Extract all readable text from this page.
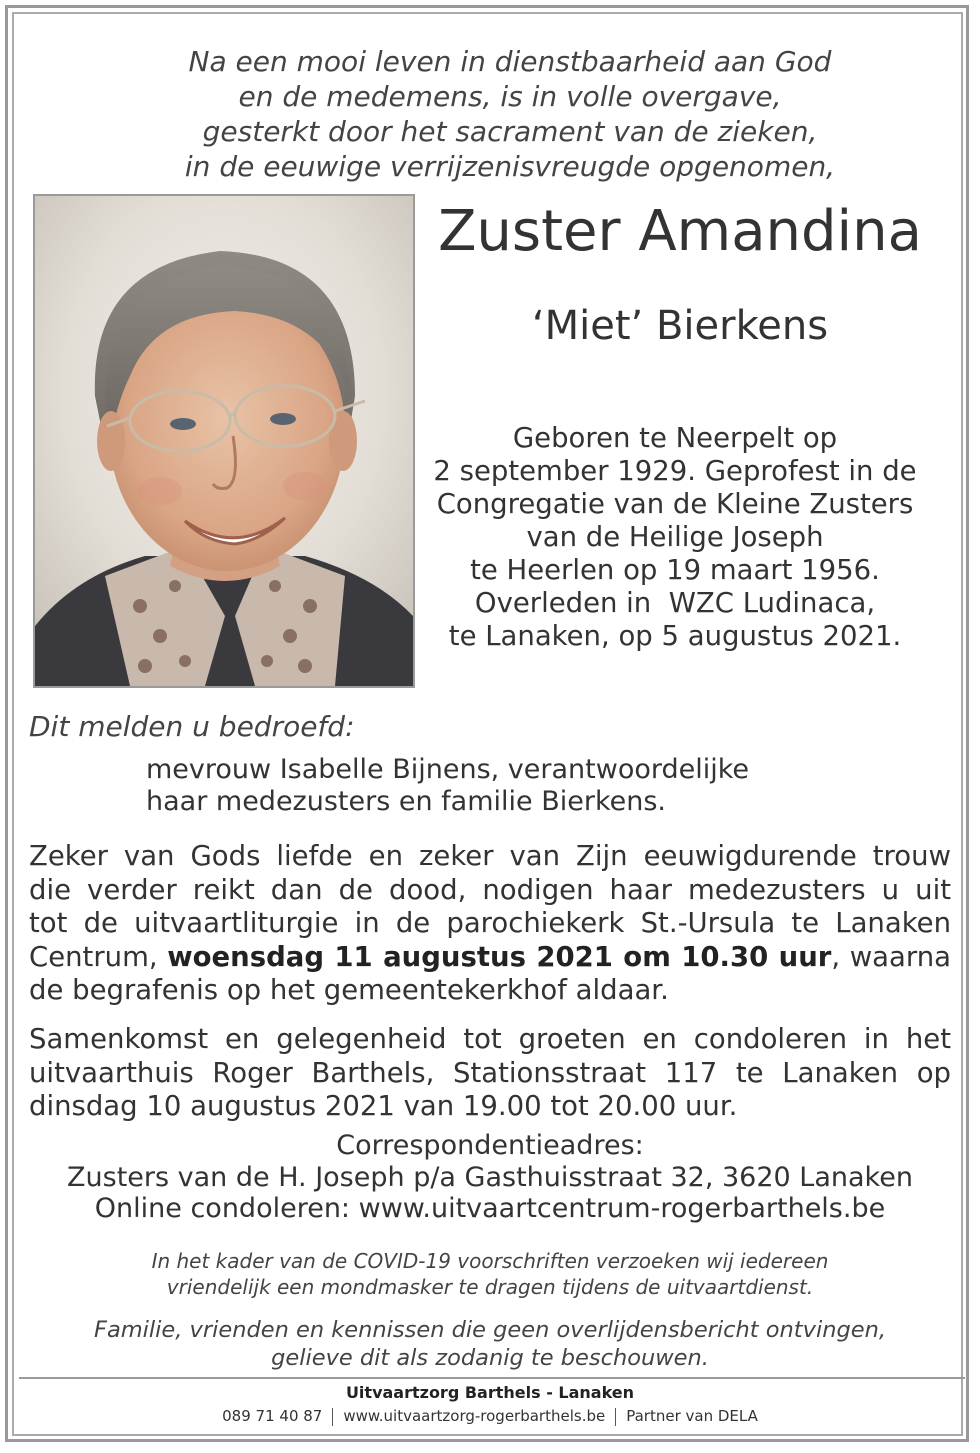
Na een mooi leven in dienstbaarheid aan God
en de medemens, is in volle overgave,
gesterkt door het sacrament van de zieken,
in de eeuwige verrijzenisvreugde opgenomen,

Zuster Amandina

‘Miet’ Bierkens

Geboren te Neerpelt op
2 september 1929. Geprofest in de
Congregatie van de Kleine Zusters
van de Heilige Joseph
te Heerlen op 19 maart 1956.
Overleden in  WZC Ludinaca,
te Lanaken, op 5 augustus 2021.

Dit melden u bedroefd:

mevrouw Isabelle Bijnens, verantwoordelijke
haar medezusters en familie Bierkens.

Zeker van Gods liefde en zeker van Zijn eeuwigdurende trouw
die verder reikt dan de dood, nodigen haar medezusters u uit
tot de uitvaartliturgie in de parochiekerk St.-Ursula te Lanaken
Centrum, woensdag 11 augustus 2021 om 10.30 uur, waarna
de begrafenis op het gemeentekerkhof aldaar.

Samenkomst en gelegenheid tot groeten en condoleren in het
uitvaarthuis Roger Barthels, Stationsstraat 117 te Lanaken op
dinsdag 10 augustus 2021 van 19.00 tot 20.00 uur.

Correspondentieadres:
Zusters van de H. Joseph p/a Gasthuisstraat 32, 3620 Lanaken
Online condoleren: www.uitvaartcentrum-rogerbarthels.be

In het kader van de COVID-19 voorschriften verzoeken wij iedereen
vriendelijk een mondmasker te dragen tijdens de uitvaartdienst.

Familie, vrienden en kennissen die geen overlijdensbericht ontvingen,
gelieve dit als zodanig te beschouwen.

Uitvaartzorg Barthels - Lanaken

089 71 40 87 www.uitvaartzorg-rogerbarthels.be Partner van DELA
